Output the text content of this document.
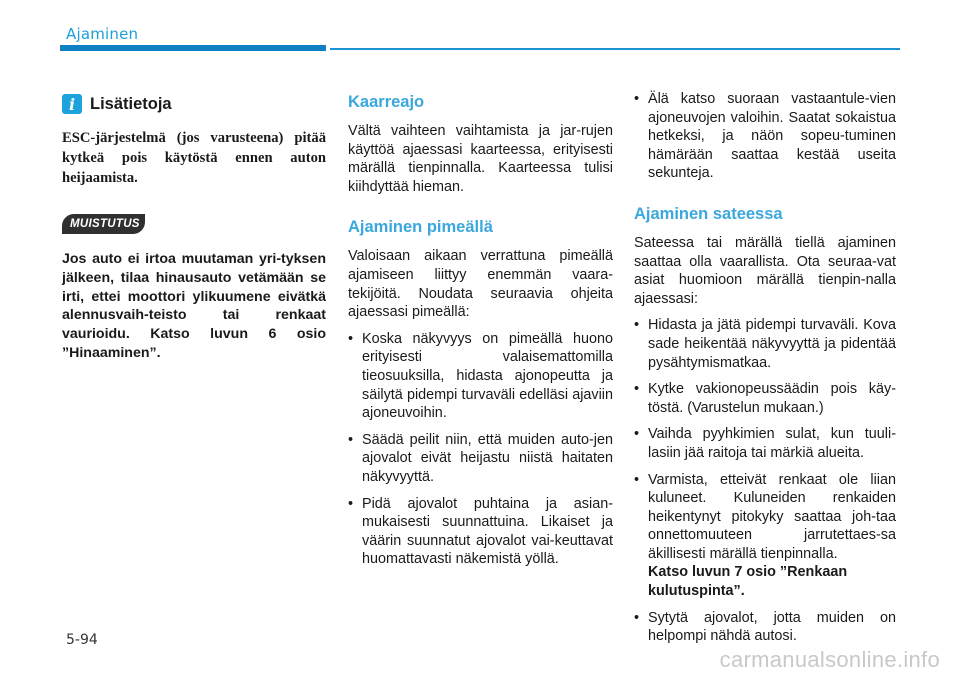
Ajaminen
i Lisätietoja

ESC-järjestelmä (jos varusteena) pitää kytkeä pois käytöstä ennen auton heijaamista.

MUISTUTUS

Jos auto ei irtoa muutaman yri-tyksen jälkeen, tilaa hinausauto vetämään se irti, ettei moottori ylikuumene eivätkä alennusvaih-teisto tai renkaat vaurioidu. Katso luvun 6 osio ”Hinaaminen”.

Kaarreajo

Vältä vaihteen vaihtamista ja jar-rujen käyttöä ajaessasi kaarteessa, erityisesti märällä tienpinnalla. Kaarteessa tulisi kiihdyttää hieman.

Ajaminen pimeällä

Valoisaan aikaan verrattuna pimeällä ajamiseen liittyy enemmän vaara-tekijöitä. Noudata seuraavia ohjeita ajaessasi pimeällä:

• Koska näkyvyys on pimeällä huono erityisesti valaisemattomilla tieosuuksilla, hidasta ajonopeutta ja säilytä pidempi turvaväli edelläsi ajaviin ajoneuvoihin.
• Säädä peilit niin, että muiden auto-jen ajovalot eivät heijastu niistä haitaten näkyvyyttä.
• Pidä ajovalot puhtaina ja asian-mukaisesti suunnattuina. Likaiset ja väärin suunnatut ajovalot vai-keuttavat huomattavasti näkemistä yöllä.
• Älä katso suoraan vastaantule-vien ajoneuvojen valoihin. Saatat sokaistua hetkeksi, ja näön sopeu-tuminen hämärään saattaa kestää useita sekunteja.
Ajaminen sateessa

Sateessa tai märällä tiellä ajaminen saattaa olla vaarallista. Ota seuraa-vat asiat huomioon märällä tienpin-nalla ajaessasi:

• Hidasta ja jätä pidempi turvaväli. Kova sade heikentää näkyvyyttä ja pidentää pysähtymismatkaa.
• Kytke vakionopeussäädin pois käy-töstä. (Varustelun mukaan.)
• Vaihda pyyhkimien sulat, kun tuuli-lasiin jää raitoja tai märkiä alueita.
• Varmista, etteivät renkaat ole liian kuluneet. Kuluneiden renkaiden heikentynyt pitokyky saattaa joh-taa onnettomuuteen jarrutettaes-sa äkillisesti märällä tienpinnalla.
Katso luvun 7 osio ”Renkaan kulutuspinta”.
• Sytytä ajovalot, jotta muiden on helpompi nähdä autosi.
5-94
carmanualsonline.info
